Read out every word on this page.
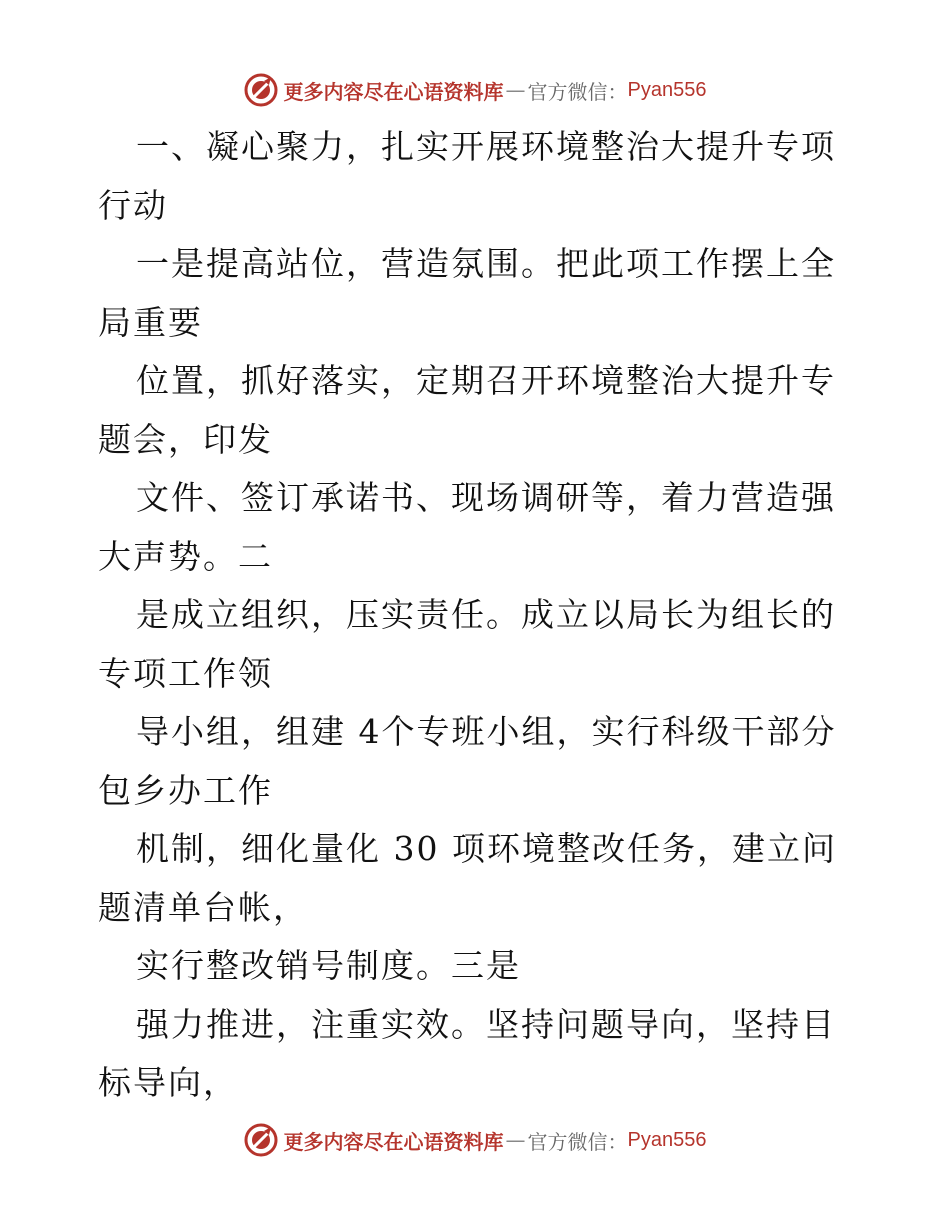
更多内容尽在心语资料库 — 官方微信： Pyan556

一、凝心聚力，扎实开展环境整治大提升专项行动

一是提高站位，营造氛围。把此项工作摆上全局重要

位置，抓好落实，定期召开环境整治大提升专题会，印发

文件、签订承诺书、现场调研等，着力营造强大声势。二

是成立组织，压实责任。成立以局长为组长的专项工作领

导小组，组建 4个专班小组，实行科级干部分包乡办工作

机制，细化量化 30 项环境整改任务，建立问题清单台帐，

实行整改销号制度。三是

强力推进，注重实效。坚持问题导向，坚持目标导向，

更多内容尽在心语资料库 — 官方微信： Pyan556
